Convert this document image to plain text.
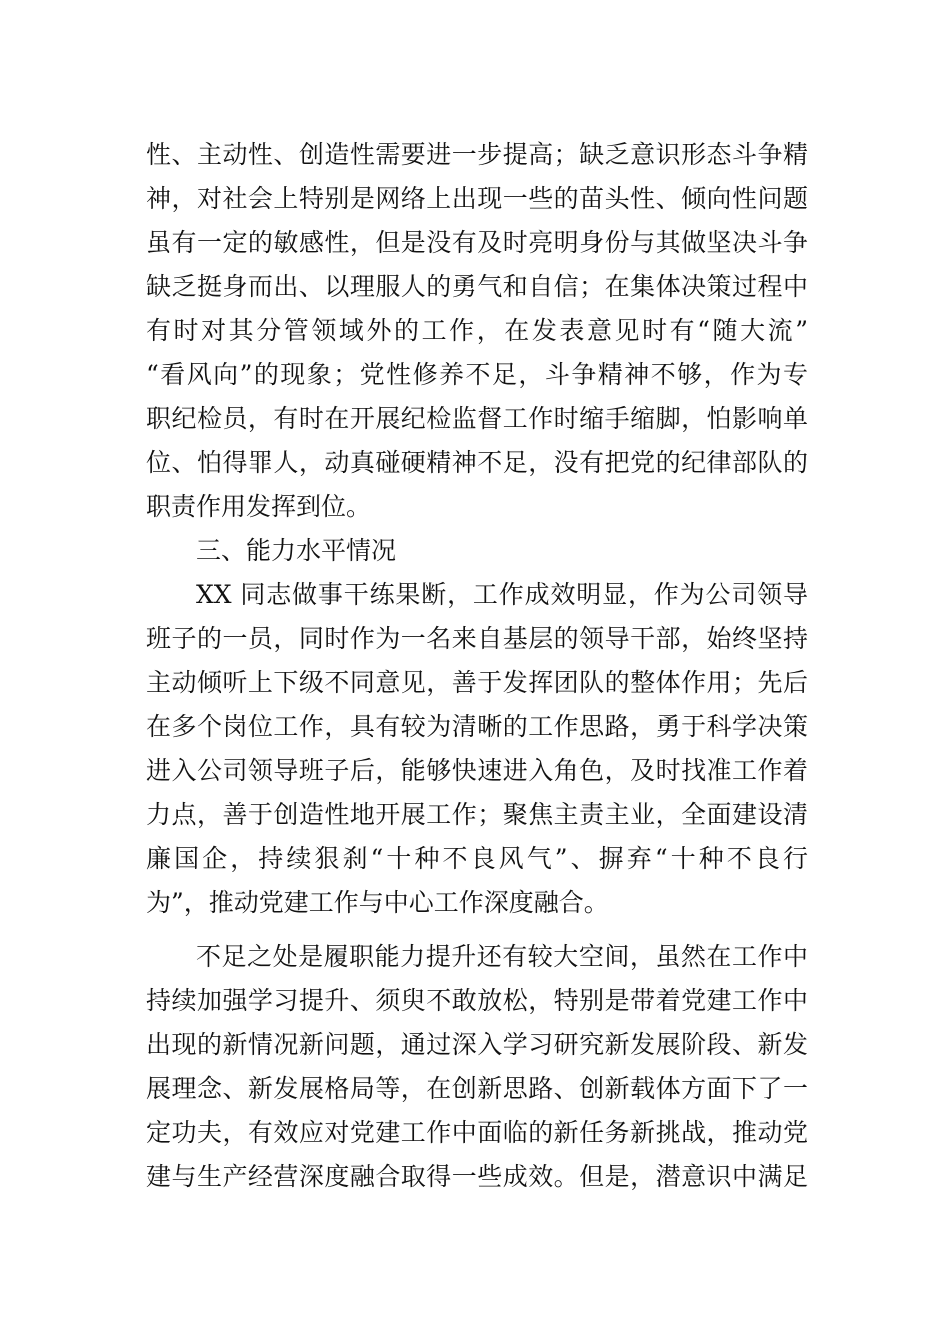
性、主动性、创造性需要进一步提高；缺乏意识形态斗争精
神，对社会上特别是网络上出现一些的苗头性、倾向性问题
虽有一定的敏感性，但是没有及时亮明身份与其做坚决斗争
缺乏挺身而出、以理服人的勇气和自信；在集体决策过程中
有时对其分管领域外的工作，在发表意见时有“随大流”
“看风向”的现象；党性修养不足，斗争精神不够，作为专
职纪检员，有时在开展纪检监督工作时缩手缩脚，怕影响单
位、怕得罪人，动真碰硬精神不足，没有把党的纪律部队的
职责作用发挥到位。
三、能力水平情况
XX 同志做事干练果断，工作成效明显，作为公司领导
班子的一员，同时作为一名来自基层的领导干部，始终坚持
主动倾听上下级不同意见，善于发挥团队的整体作用；先后
在多个岗位工作，具有较为清晰的工作思路，勇于科学决策
进入公司领导班子后，能够快速进入角色，及时找准工作着
力点，善于创造性地开展工作；聚焦主责主业，全面建设清
廉国企，持续狠刹“十种不良风气”、摒弃“十种不良行
为”，推动党建工作与中心工作深度融合。
不足之处是履职能力提升还有较大空间，虽然在工作中
持续加强学习提升、须臾不敢放松，特别是带着党建工作中
出现的新情况新问题，通过深入学习研究新发展阶段、新发
展理念、新发展格局等，在创新思路、创新载体方面下了一
定功夫，有效应对党建工作中面临的新任务新挑战，推动党
建与生产经营深度融合取得一些成效。但是，潜意识中满足
